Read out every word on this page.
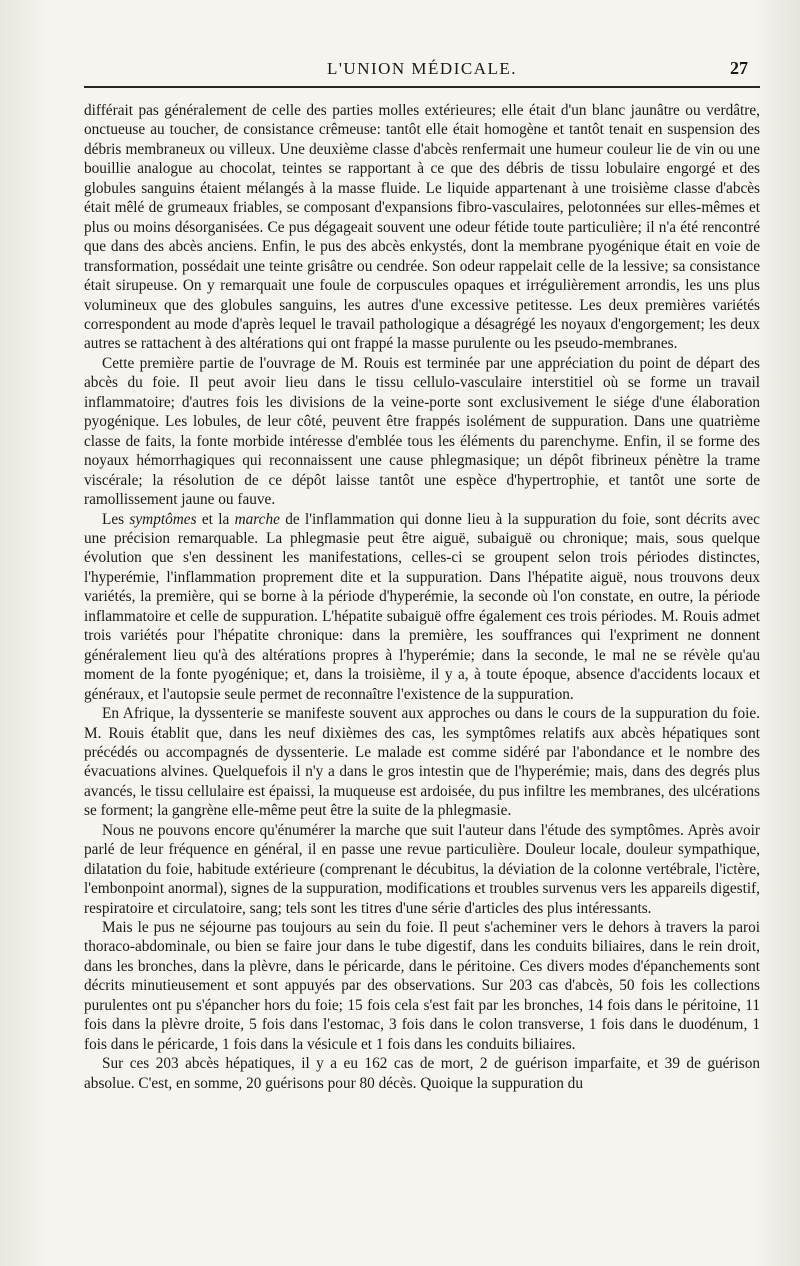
L'UNION MÉDICALE.	27

différait pas généralement de celle des parties molles extérieures; elle était d'un blanc jaunâtre ou verdâtre, onctueuse au toucher, de consistance crêmeuse: tantôt elle était homogène et tantôt tenait en suspension des débris membraneux ou villeux. Une deuxième classe d'abcès renfermait une humeur couleur lie de vin ou une bouillie analogue au chocolat, teintes se rapportant à ce que des débris de tissu lobulaire engorgé et des globules sanguins étaient mélangés à la masse fluide. Le liquide appartenant à une troisième classe d'abcès était mêlé de grumeaux friables, se composant d'expansions fibro-vasculaires, pelotonnées sur elles-mêmes et plus ou moins désorganisées. Ce pus dégageait souvent une odeur fétide toute particulière; il n'a été rencontré que dans des abcès anciens. Enfin, le pus des abcès enkystés, dont la membrane pyogénique était en voie de transformation, possédait une teinte grisâtre ou cendrée. Son odeur rappelait celle de la lessive; sa consistance était sirupeuse. On y remarquait une foule de corpuscules opaques et irrégulièrement arrondis, les uns plus volumineux que des globules sanguins, les autres d'une excessive petitesse. Les deux premières variétés correspondent au mode d'après lequel le travail pathologique a désagrégé les noyaux d'engorgement; les deux autres se rattachent à des altérations qui ont frappé la masse purulente ou les pseudo-membranes.

Cette première partie de l'ouvrage de M. Rouis est terminée par une appréciation du point de départ des abcès du foie. Il peut avoir lieu dans le tissu cellulo-vasculaire interstitiel où se forme un travail inflammatoire; d'autres fois les divisions de la veine-porte sont exclusivement le siége d'une élaboration pyogénique. Les lobules, de leur côté, peuvent être frappés isolément de suppuration. Dans une quatrième classe de faits, la fonte morbide intéresse d'emblée tous les éléments du parenchyme. Enfin, il se forme des noyaux hémorrhagiques qui reconnaissent une cause phlegmasique; un dépôt fibrineux pénètre la trame viscérale; la résolution de ce dépôt laisse tantôt une espèce d'hypertrophie, et tantôt une sorte de ramollissement jaune ou fauve.

Les symptômes et la marche de l'inflammation qui donne lieu à la suppuration du foie, sont décrits avec une précision remarquable. La phlegmasie peut être aiguë, subaiguë ou chronique; mais, sous quelque évolution que s'en dessinent les manifestations, celles-ci se groupent selon trois périodes distinctes, l'hyperémie, l'inflammation proprement dite et la suppuration. Dans l'hépatite aiguë, nous trouvons deux variétés, la première, qui se borne à la période d'hyperémie, la seconde où l'on constate, en outre, la période inflammatoire et celle de suppuration. L'hépatite subaiguë offre également ces trois périodes. M. Rouis admet trois variétés pour l'hépatite chronique: dans la première, les souffrances qui l'expriment ne donnent généralement lieu qu'à des altérations propres à l'hyperémie; dans la seconde, le mal ne se révèle qu'au moment de la fonte pyogénique; et, dans la troisième, il y a, à toute époque, absence d'accidents locaux et généraux, et l'autopsie seule permet de reconnaître l'existence de la suppuration.

En Afrique, la dyssenterie se manifeste souvent aux approches ou dans le cours de la suppuration du foie. M. Rouis établit que, dans les neuf dixièmes des cas, les symptômes relatifs aux abcès hépatiques sont précédés ou accompagnés de dyssenterie. Le malade est comme sidéré par l'abondance et le nombre des évacuations alvines. Quelquefois il n'y a dans le gros intestin que de l'hyperémie; mais, dans des degrés plus avancés, le tissu cellulaire est épaissi, la muqueuse est ardoisée, du pus infiltre les membranes, des ulcérations se forment; la gangrène elle-même peut être la suite de la phlegmasie.

Nous ne pouvons encore qu'énumérer la marche que suit l'auteur dans l'étude des symptômes. Après avoir parlé de leur fréquence en général, il en passe une revue particulière. Douleur locale, douleur sympathique, dilatation du foie, habitude extérieure (comprenant le décubitus, la déviation de la colonne vertébrale, l'ictère, l'embonpoint anormal), signes de la suppuration, modifications et troubles survenus vers les appareils digestif, respiratoire et circulatoire, sang; tels sont les titres d'une série d'articles des plus intéressants.

Mais le pus ne séjourne pas toujours au sein du foie. Il peut s'acheminer vers le dehors à travers la paroi thoraco-abdominale, ou bien se faire jour dans le tube digestif, dans les conduits biliaires, dans le rein droit, dans les bronches, dans la plèvre, dans le péricarde, dans le péritoine. Ces divers modes d'épanchements sont décrits minutieusement et sont appuyés par des observations. Sur 203 cas d'abcès, 50 fois les collections purulentes ont pu s'épancher hors du foie; 15 fois cela s'est fait par les bronches, 14 fois dans le péritoine, 11 fois dans la plèvre droite, 5 fois dans l'estomac, 3 fois dans le colon transverse, 1 fois dans le duodénum, 1 fois dans le péricarde, 1 fois dans la vésicule et 1 fois dans les conduits biliaires.

Sur ces 203 abcès hépatiques, il y a eu 162 cas de mort, 2 de guérison imparfaite, et 39 de guérison absolue. C'est, en somme, 20 guérisons pour 80 décès. Quoique la suppuration du
